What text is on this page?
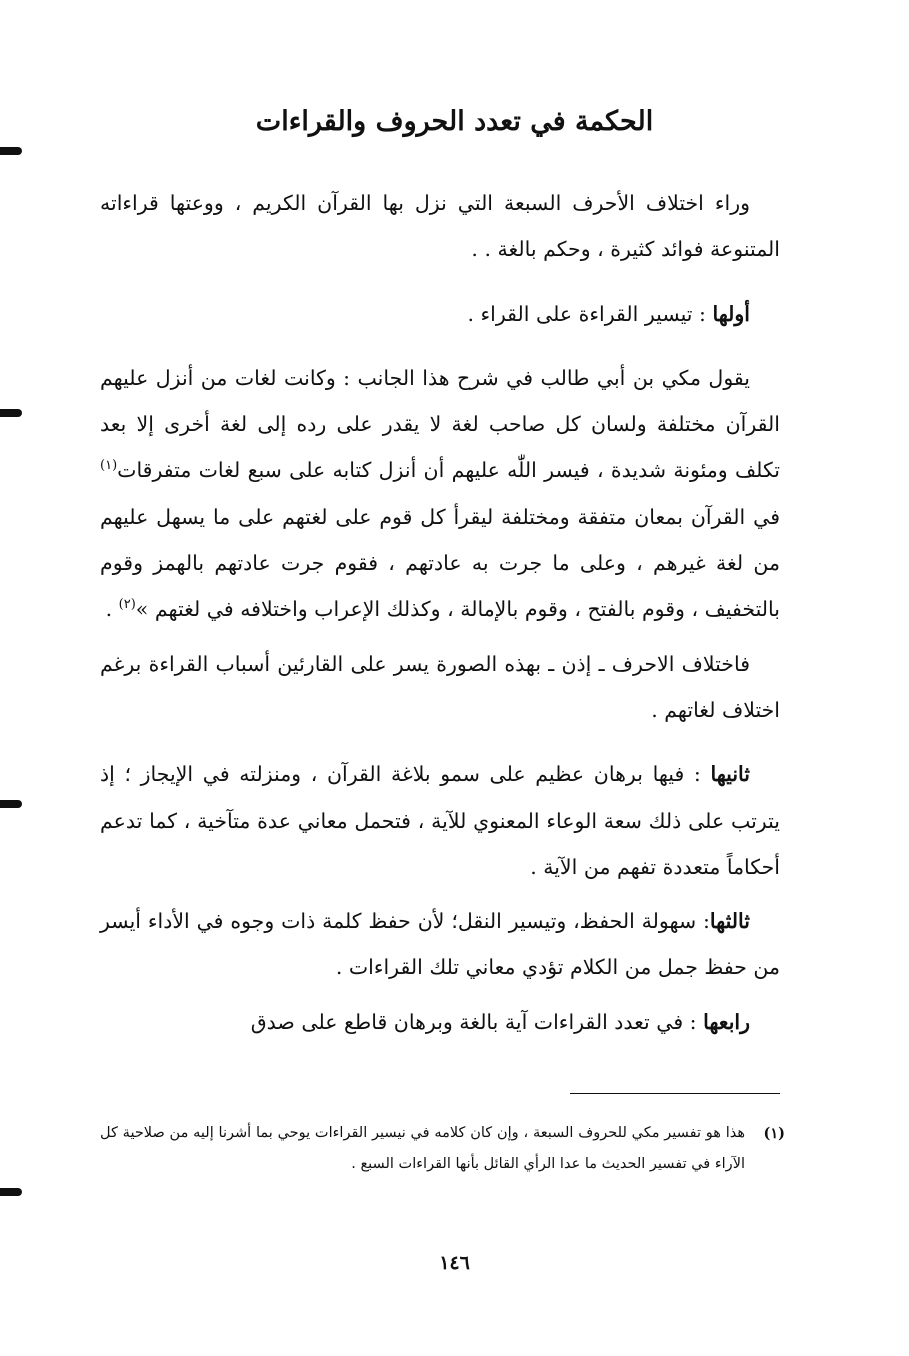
الحكمة في تعدد الحروف والقراءات

وراء اختلاف الأحرف السبعة التي نزل بها القرآن الكريم ، ووعتها قراءاته المتنوعة فوائد كثيرة ، وحكم بالغة . .

أولها : تيسير القراءة على القراء .

يقول مكي بن أبي طالب في شرح هذا الجانب : وكانت لغات من أنزل عليهم القرآن مختلفة ولسان كل صاحب لغة لا يقدر على رده إلى لغة أخرى إلا بعد تكلف ومئونة شديدة ، فيسر اللّٰه عليهم أن أنزل كتابه على سبع لغات متفرقات$^{(١)}$ في القرآن بمعان متفقة ومختلفة ليقرأ كل قوم على لغتهم على ما يسهل عليهم من لغة غيرهم ، وعلى ما جرت به عادتهم ، فقوم جرت عادتهم بالهمز وقوم بالتخفيف ، وقوم بالفتح ، وقوم بالإمالة ، وكذلك الإعراب واختلافه في لغتهم »$^{(٢)}$ .

فاختلاف الاحرف ـ إذن ـ بهذه الصورة يسر على القارئين أسباب القراءة برغم اختلاف لغاتهم .

ثانيها : فيها برهان عظيم على سمو بلاغة القرآن ، ومنزلته في الإيجاز ؛ إذ يترتب على ذلك سعة الوعاء المعنوي للآية ، فتحمل معاني عدة متآخية ، كما تدعم أحكاماً متعددة تفهم من الآية .

ثالثها: سهولة الحفظ، وتيسير النقل؛ لأن حفظ كلمة ذات وجوه في الأداء أيسر من حفظ جمل من الكلام تؤدي معاني تلك القراءات .

رابعها : في تعدد القراءات آية بالغة وبرهان قاطع على صدق

(١)
هذا هو تفسير مكي للحروف السبعة ، وإن كان كلامه في نيسير القراءات يوحي بما أشرنا إليه من صلاحية كل الآراء في تفسير الحديث ما عدا الرأي القائل بأنها القراءات السبع .

١٤٦
